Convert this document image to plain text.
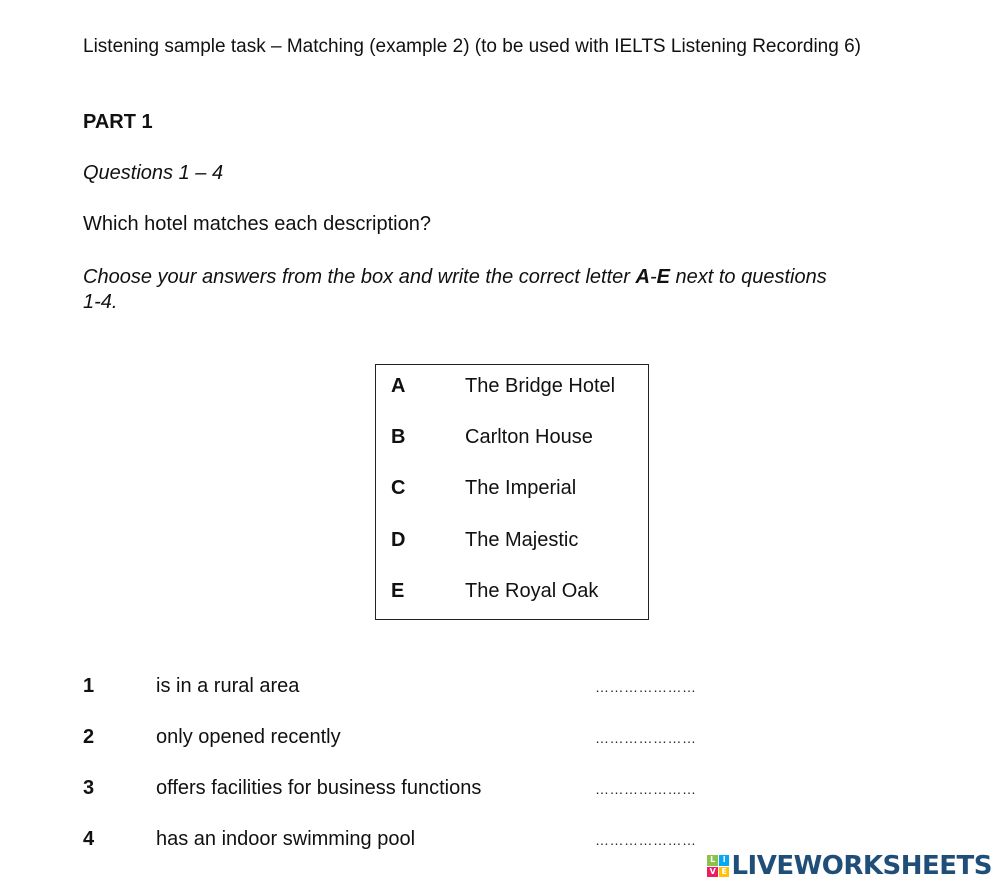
Listening sample task – Matching (example 2) (to be used with IELTS Listening Recording 6)
PART 1
Questions 1 – 4
Which hotel matches each description?
Choose your answers from the box and write the correct letter A-E next to questions 1-4.
A	The Bridge Hotel
B	Carlton House
C	The Imperial
D	The Majestic
E	The Royal Oak
1	is in a rural area	…………………
2	only opened recently	…………………
3	offers facilities for business functions	…………………
4	has an indoor swimming pool	…………………
L I
V E LIVEWORKSHEETS
